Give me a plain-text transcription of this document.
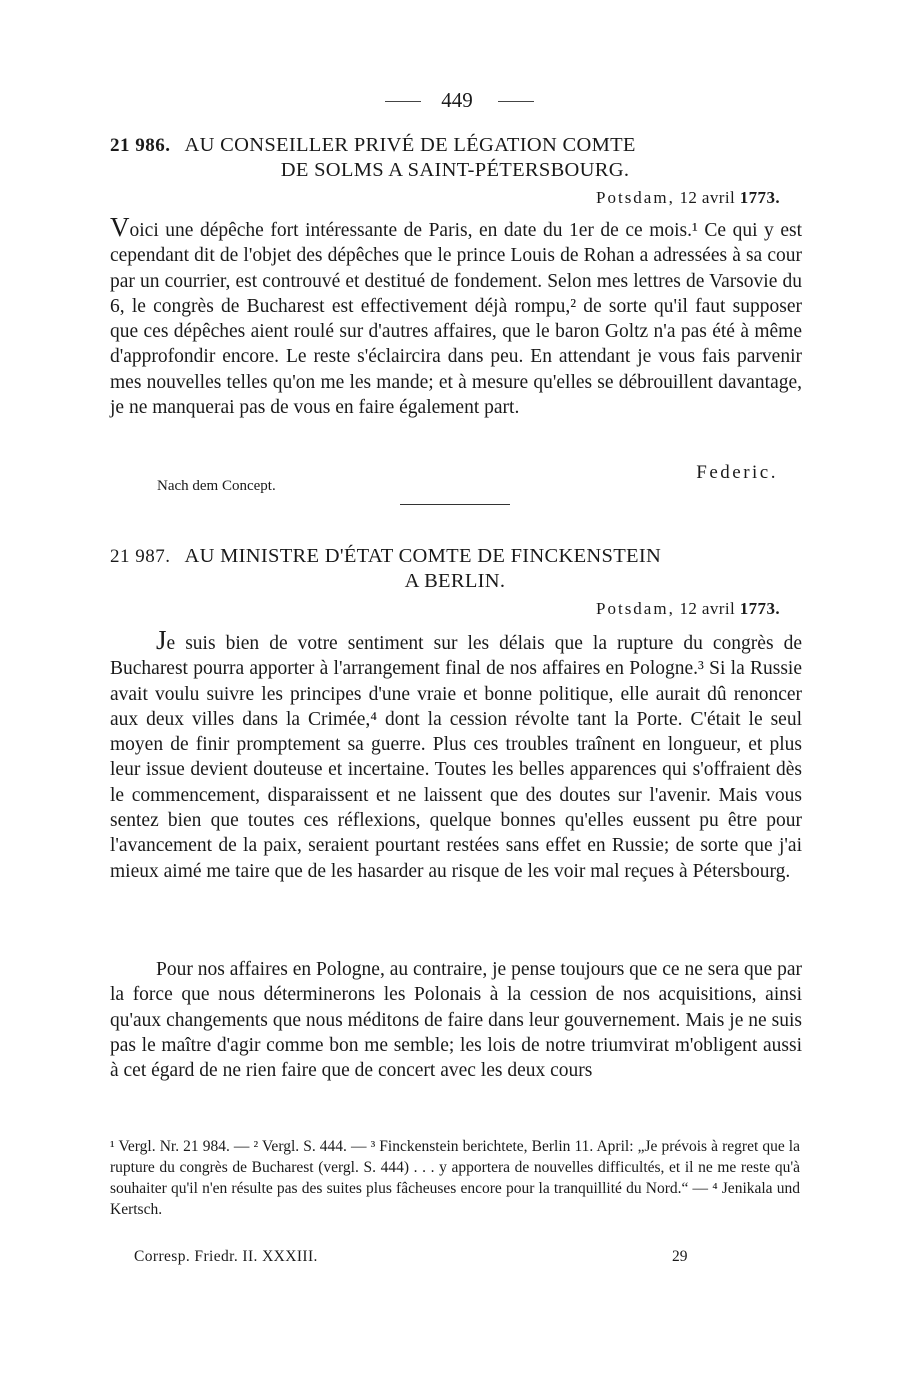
449
21 986. AU CONSEILLER PRIVÉ DE LÉGATION COMTE
DE SOLMS A SAINT-PÉTERSBOURG.
Potsdam, 12 avril 1773.

Voici une dépêche fort intéressante de Paris, en date du 1er de ce mois.¹ Ce qui y est cependant dit de l'objet des dépêches que le prince Louis de Rohan a adressées à sa cour par un courrier, est controuvé et destitué de fondement. Selon mes lettres de Varsovie du 6, le congrès de Bucharest est effectivement déjà rompu,² de sorte qu'il faut supposer que ces dépêches aient roulé sur d'autres affaires, que le baron Goltz n'a pas été à même d'approfondir encore. Le reste s'éclaircira dans peu. En attendant je vous fais parvenir mes nouvelles telles qu'on me les mande; et à mesure qu'elles se débrouillent davantage, je ne manquerai pas de vous en faire également part.

Federic.
Nach dem Concept.
21 987. AU MINISTRE D'ÉTAT COMTE DE FINCKENSTEIN
A BERLIN.
Potsdam, 12 avril 1773.

Je suis bien de votre sentiment sur les délais que la rupture du congrès de Bucharest pourra apporter à l'arrangement final de nos affaires en Pologne.³ Si la Russie avait voulu suivre les principes d'une vraie et bonne politique, elle aurait dû renoncer aux deux villes dans la Crimée,⁴ dont la cession révolte tant la Porte. C'était le seul moyen de finir promptement sa guerre. Plus ces troubles traînent en longueur, et plus leur issue devient douteuse et incertaine. Toutes les belles apparences qui s'offraient dès le commencement, disparaissent et ne laissent que des doutes sur l'avenir. Mais vous sentez bien que toutes ces réflexions, quelque bonnes qu'elles eussent pu être pour l'avancement de la paix, seraient pourtant restées sans effet en Russie; de sorte que j'ai mieux aimé me taire que de les hasarder au risque de les voir mal reçues à Pétersbourg.

Pour nos affaires en Pologne, au contraire, je pense toujours que ce ne sera que par la force que nous déterminerons les Polonais à la cession de nos acquisitions, ainsi qu'aux changements que nous méditons de faire dans leur gouvernement. Mais je ne suis pas le maître d'agir comme bon me semble; les lois de notre triumvirat m'obligent aussi à cet égard de ne rien faire que de concert avec les deux cours

¹ Vergl. Nr. 21 984. — ² Vergl. S. 444. — ³ Finckenstein berichtete, Berlin 11. April: „Je prévois à regret que la rupture du congrès de Bucharest (vergl. S. 444) . . . y apportera de nouvelles difficultés, et il ne me reste qu'à souhaiter qu'il n'en résulte pas des suites plus fâcheuses encore pour la tranquillité du Nord.“ — ⁴ Jenikala und Kertsch.

Corresp. Friedr. II. XXXIII.	29
